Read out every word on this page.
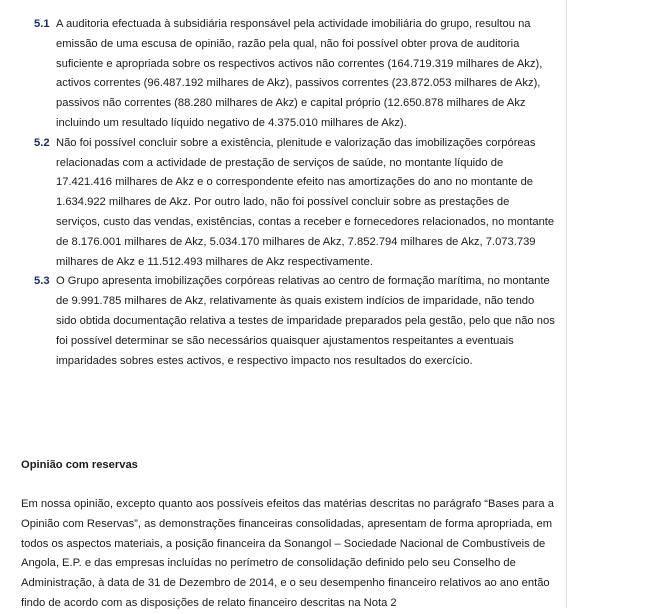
5.1 A auditoria efectuada à subsidiária responsável pela actividade imobiliária do grupo, resultou na emissão de uma escusa de opinião, razão pela qual, não foi possível obter prova de auditoria suficiente e apropriada sobre os respectivos activos não correntes (164.719.319 milhares de Akz), activos correntes (96.487.192 milhares de Akz), passivos correntes (23.872.053 milhares de Akz), passivos não correntes (88.280 milhares de Akz) e capital próprio (12.650.878 milhares de Akz incluindo um resultado líquido negativo de 4.375.010 milhares de Akz).
5.2 Não foi possível concluir sobre a existência, plenitude e valorização das imobilizações corpóreas relacionadas com a actividade de prestação de serviços de saúde, no montante líquido de 17.421.416 milhares de Akz e o correspondente efeito nas amortizações do ano no montante de 1.634.922 milhares de Akz. Por outro lado, não foi possível concluir sobre as prestações de serviços, custo das vendas, existências, contas a receber e fornecedores relacionados, no montante de 8.176.001 milhares de Akz, 5.034.170 milhares de Akz, 7.852.794 milhares de Akz, 7.073.739 milhares de Akz e 11.512.493 milhares de Akz respectivamente.
5.3 O Grupo apresenta imobilizações corpóreas relativas ao centro de formação marítima, no montante de 9.991.785 milhares de Akz, relativamente às quais existem indícios de imparidade, não tendo sido obtida documentação relativa a testes de imparidade preparados pela gestão, pelo que não nos foi possível determinar se são necessários quaisquer ajustamentos respeitantes a eventuais imparidades sobres estes activos, e respectivo impacto nos resultados do exercício.
Opinião com reservas
Em nossa opinião, excepto quanto aos possíveis efeitos das matérias descritas no parágrafo “Bases para a Opinião com Reservas”, as demonstrações financeiras consolidadas, apresentam de forma apropriada, em todos os aspectos materiais, a posição financeira da Sonangol – Sociedade Nacional de Combustíveis de Angola, E.P. e das empresas incluídas no perímetro de consolidação definido pelo seu Conselho de Administração, à data de 31 de Dezembro de 2014, e o seu desempenho financeiro relativos ao ano então findo de acordo com as disposições de relato financeiro descritas na Nota 2
